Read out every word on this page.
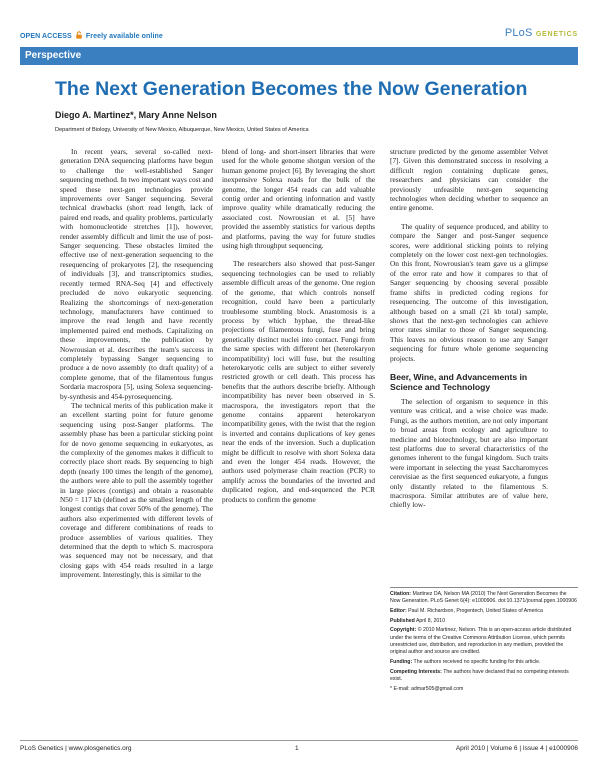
OPEN ACCESS Freely available online	PLoS GENETICS
Perspective
The Next Generation Becomes the Now Generation
Diego A. Martinez*, Mary Anne Nelson
Department of Biology, University of New Mexico, Albuquerque, New Mexico, United States of America

In recent years, several so-called next-generation DNA sequencing platforms have begun to challenge the well-established Sanger sequencing method. In two important ways cost and speed these next-gen technologies provide improvements over Sanger sequencing. Several technical drawbacks (short read length, lack of paired end reads, and quality problems, particularly with homonucleotide stretches [1]), however, render assembly difficult and limit the use of post-Sanger sequencing. These obstacles limited the effective use of next-generation sequencing to the resequencing of prokaryotes [2], the resequencing of individuals [3], and transcriptomics studies, recently termed RNA-Seq [4] and effectively precluded de novo eukaryotic sequencing. Realizing the shortcomings of next-generation technology, manufacturers have continued to improve the read length and have recently implemented paired end methods. Capitalizing on these improvements, the publication by Nowrousian et al. describes the team's success in completely bypassing Sanger sequencing to produce a de novo assembly (to draft quality) of a complete genome, that of the filamentous fungus Sordaria macrospora [5], using Solexa sequencing-by-synthesis and 454-pyrosequencing.

The technical merits of this publication make it an excellent starting point for future genome sequencing using post-Sanger platforms. The assembly phase has been a particular sticking point for de novo genome sequencing in eukaryotes, as the complexity of the genomes makes it difficult to correctly place short reads. By sequencing to high depth (nearly 100 times the length of the genome), the authors were able to pull the assembly together in large pieces (contigs) and obtain a reasonable N50 = 117 kb (defined as the smallest length of the longest contigs that cover 50% of the genome). The authors also experimented with different levels of coverage and different combinations of reads to produce assemblies of various qualities. They determined that the depth to which S. macrospora was sequenced may not be necessary, and that closing gaps with 454 reads resulted in a large improvement. Interestingly, this is similar to the

blend of long- and short-insert libraries that were used for the whole genome shotgun version of the human genome project [6]. By leveraging the short inexpensive Solexa reads for the bulk of the genome, the longer 454 reads can add valuable contig order and orienting information and vastly improve quality while dramatically reducing the associated cost. Nowrousian et al. [5] have provided the assembly statistics for various depths and platforms, paving the way for future studies using high throughput sequencing.

The researchers also showed that post-Sanger sequencing technologies can be used to reliably assemble difficult areas of the genome. One region of the genome, that which controls nonself recognition, could have been a particularly troublesome stumbling block. Anastomosis is a process by which hyphae, the thread-like projections of filamentous fungi, fuse and bring genetically distinct nuclei into contact. Fungi from the same species with different het (heterokaryon incompatibility) loci will fuse, but the resulting heterokaryotic cells are subject to either severely restricted growth or cell death. This process has benefits that the authors describe briefly. Although incompatibility has never been observed in S. macrospora, the investigators report that the genome contains apparent heterokaryon incompatibility genes, with the twist that the region is inverted and contains duplications of key genes near the ends of the inversion. Such a duplication might be difficult to resolve with short Solexa data and even the longer 454 reads. However, the authors used polymerase chain reaction (PCR) to amplify across the boundaries of the inverted and duplicated region, and end-sequenced the PCR products to confirm the genome

structure predicted by the genome assembler Velvet [7]. Given this demonstrated success in resolving a difficult region containing duplicate genes, researchers and physicians can consider the previously unfeasible next-gen sequencing technologies when deciding whether to sequence an entire genome.

The quality of sequence produced, and ability to compare the Sanger and post-Sanger sequence scores, were additional sticking points to relying completely on the lower cost next-gen technologies. On this front, Nowrousian's team gave us a glimpse of the error rate and how it compares to that of Sanger sequencing by choosing several possible frame shifts in predicted coding regions for resequencing. The outcome of this investigation, although based on a small (21 kb total) sample, shows that the next-gen technologies can achieve error rates similar to those of Sanger sequencing. This leaves no obvious reason to use any Sanger sequencing for future whole genome sequencing projects.

Beer, Wine, and Advancements in Science and Technology

The selection of organism to sequence in this venture was critical, and a wise choice was made. Fungi, as the authors mention, are not only important to broad areas from ecology and agriculture to medicine and biotechnology, but are also important test platforms due to several characteristics of the genomes inherent to the fungal kingdom. Such traits were important in selecting the yeast Saccharomyces cerevisiae as the first sequenced eukaryote, a fungus only distantly related to the filamentous S. macrospora. Similar attributes are of value here, chiefly low-

Citation: Martinez DA, Nelson MA (2010) The Next Generation Becomes the Now Generation. PLoS Genet 6(4): e1000906. doi:10.1371/journal.pgen.1000906
Editor: Paul M. Richardson, Progentech, United States of America
Published April 8, 2010
Copyright: © 2010 Martinez, Nelson. This is an open-access article distributed under the terms of the Creative Commons Attribution License, which permits unrestricted use, distribution, and reproduction in any medium, provided the original author and source are credited.
Funding: The authors received no specific funding for this article.
Competing Interests: The authors have declared that no competing interests exist.
* E-mail: admar505@gmail.com
PLoS Genetics | www.plosgenetics.org	1	April 2010 | Volume 6 | Issue 4 | e1000906
